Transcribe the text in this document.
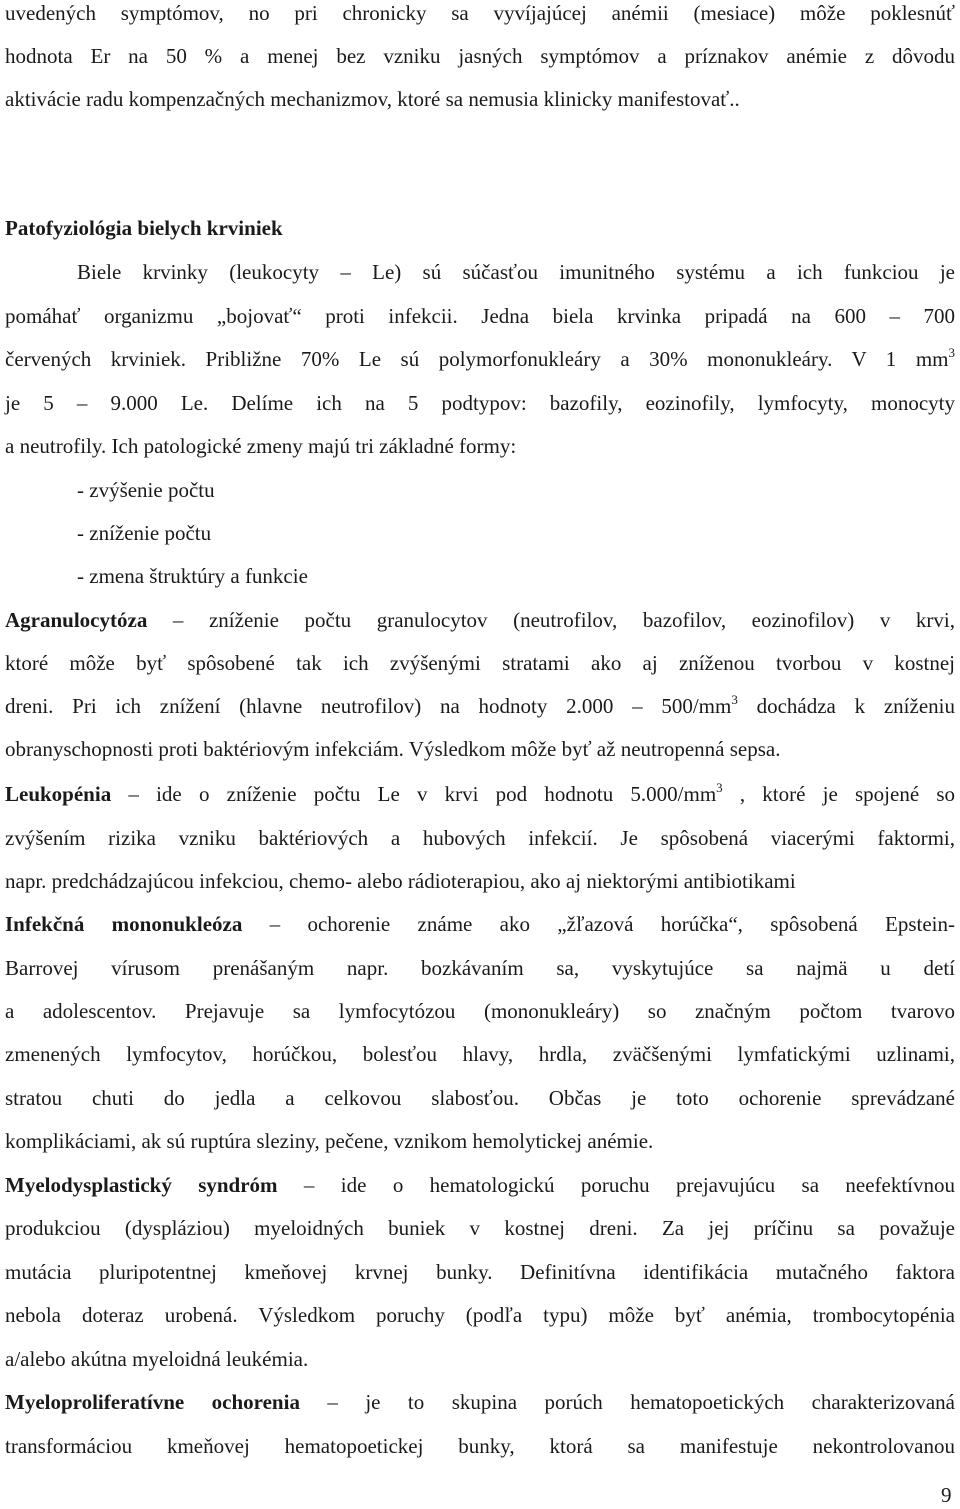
uvedených symptómov, no pri chronicky sa vyvíjajúcej anémii (mesiace) môže poklesnúť
hodnota Er na 50 % a menej bez vzniku jasných symptómov a príznakov anémie z dôvodu
aktivácie radu kompenzačných mechanizmov, ktoré sa nemusia klinicky manifestovať..
Patofyziológia bielych krviniek
Biele krvinky (leukocyty – Le) sú súčasťou imunitného systému a ich funkciou je
pomáhať organizmu „bojovať“ proti infekcii. Jedna biela krvinka pripadá na 600 – 700
červených krviniek. Približne 70% Le sú polymorfonukleáry a 30% mononukleáry. V 1 $mm^3$
je 5 – 9.000 Le. Delíme ich na 5 podtypov: bazofily, eozinofily, lymfocyty, monocyty
a neutrofily. Ich patologické zmeny majú tri základné formy:
- zvýšenie počtu
- zníženie počtu
- zmena štruktúry a funkcie
Agranulocytóza – zníženie počtu granulocytov (neutrofilov, bazofilov, eozinofilov) v krvi,
ktoré môže byť spôsobené tak ich zvýšenými stratami ako aj zníženou tvorbou v kostnej
dreni. Pri ich znížení (hlavne neutrofilov) na hodnoty $2.000 - 500/mm^3$ dochádza k zníženiu
obranyschopnosti proti baktériovým infekciám. Výsledkom môže byť až neutropenná sepsa.
Leukopénia – ide o zníženie počtu Le v krvi pod hodnotu $5.000/mm^3$ , ktoré je spojené so
zvýšením rizika vzniku baktériových a hubových infekcií. Je spôsobená viacerými faktormi,
napr. predchádzajúcou infekciou, chemo- alebo rádioterapiou, ako aj niektorými antibiotikami
Infekčná mononukleóza – ochorenie známe ako „žľazová horúčka“, spôsobená Epstein-
Barrovej vírusom prenášaným napr. bozkávaním sa, vyskytujúce sa najmä u detí
a adolescentov. Prejavuje sa lymfocytózou (mononukleáry) so značným počtom tvarovo
zmenených lymfocytov, horúčkou, bolesťou hlavy, hrdla, zväčšenými lymfatickými uzlinami,
stratou chuti do jedla a celkovou slabosťou. Občas je toto ochorenie sprevádzané
komplikáciami, ak sú ruptúra sleziny, pečene, vznikom hemolytickej anémie.
Myelodysplastický syndróm – ide o hematologickú poruchu prejavujúcu sa neefektívnou
produkciou (dyspláziou) myeloidných buniek v kostnej dreni. Za jej príčinu sa považuje
mutácia pluripotentnej kmeňovej krvnej bunky. Definitívna identifikácia mutačného faktora
nebola doteraz urobená. Výsledkom poruchy (podľa typu) môže byť anémia, trombocytopénia
a/alebo akútna myeloidná leukémia.
Myeloproliferatívne ochorenia – je to skupina porúch hematopoetických charakterizovaná
transformáciou kmeňovej hematopoetickej bunky, ktorá sa manifestuje nekontrolovanou
9
